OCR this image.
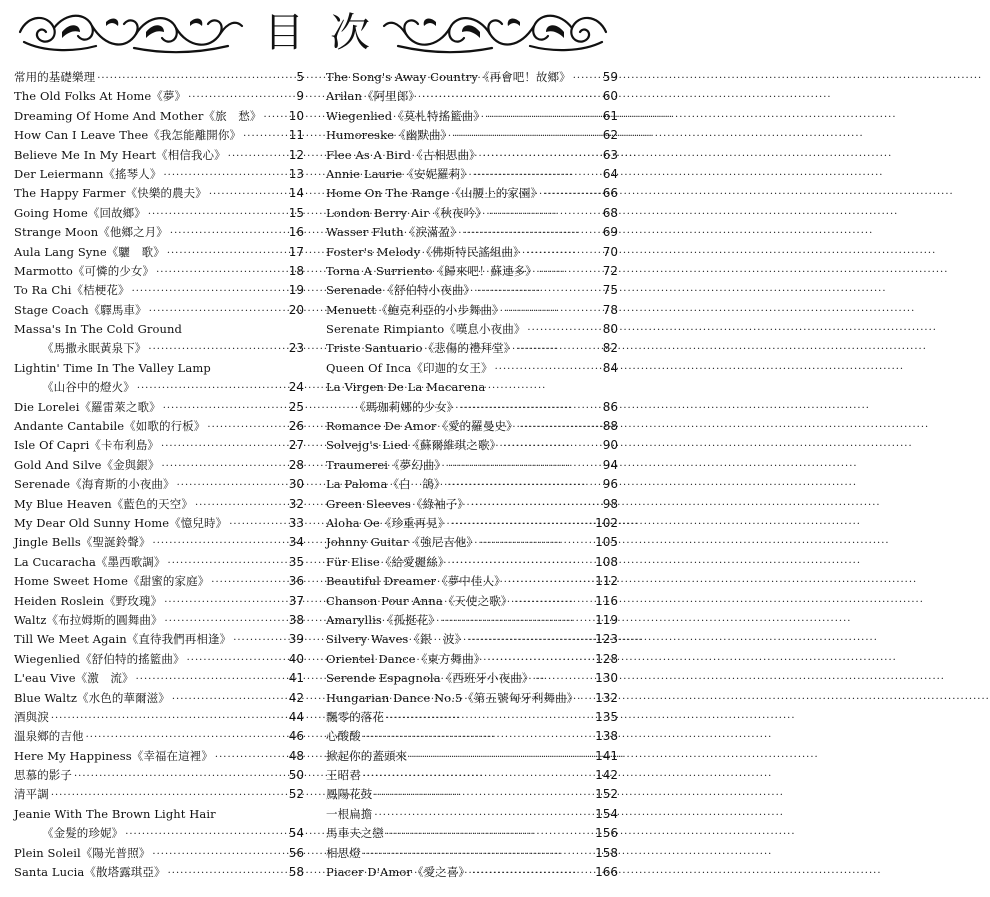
目 次
常用的基礎樂理 ·····	5
The Old Folks At Home《夢》 ·····	9
Dreaming Of Home And Mother《旅　愁》 ····· 10
How Can I Leave Thee《我怎能離開你》 ·····	11
Believe Me In My Heart《相信我心》 ·····	12
Der Leiermann《搖琴人》 ·····	13
The Happy Farmer《快樂的農夫》 ·····	14
Going Home《回故鄉》 ·····	15
Strange Moon《他鄉之月》 ·····	16
Aula Lang Syne《驪　歌》 ·····	17
Marmotto《可憐的少女》 ·····	18
To Ra Chi《桔梗花》 ·····	19
Stage Coach《驛馬車》 ·····	20
Massa's In The Cold Ground
《馬撒永眠黃泉下》 ·····	23
Lightin' Time In The Valley Lamp
《山谷中的燈火》 ·····	24
Die Lorelei《羅雷萊之歌》 ·····	25
Andante Cantabile《如歌的行板》 ·····	26
Isle Of Capri《卡布利島》 ·····	27
Gold And Silve《金與銀》 ·····	28
Serenade《海育斯的小夜曲》 ·····	30
My Blue Heaven《藍色的天空》 ·····	32
My Dear Old Sunny Home《憶兒時》 ·····	33
Jingle Bells《聖誕鈴聲》 ·····	34
La Cucaracha《墨西歌調》 ·····	35
Home Sweet Home《甜蜜的家庭》 ·····	36
Heiden Roslein《野玫瑰》 ·····	37
Waltz《布拉姆斯的圓舞曲》 ·····	38
Till We Meet Again《直待我們再相逢》 ·····	39
Wiegenlied《舒伯特的搖籃曲》 ·····	40
L'eau Vive《激　流》 ·····	41
Blue Waltz《水色的華爾滋》 ·····	42
酒與淚 ·····	44
溫泉鄉的吉他 ·····	46
Here My Happiness《幸福在這裡》 ·····	48
思慕的影子 ·····	50
清平調 ·····	52
Jeanie With The Brown Light Hair
《金髮的珍妮》 ·····	54
Plein Soleil《陽光普照》 ·····	56
Santa Lucia《散塔露琪亞》 ·····	58
The Song's Away Country《再會吧！故鄉》 ·····	59
Arilan《阿里郎》 ·····	60
Wiegenlied《莫札特搖籃曲》 ·····	61
Humoreske《幽默曲》 ·····	62
Flee As A Bird《古相思曲》 ·····	63
Annie Laurie《安妮羅莉》 ·····	64
Home On The Range《山腰上的家園》 ·····	66
London Berry Air《秋夜吟》 ·····	68
Wasser Fluth《淚滿盈》 ·····	69
Foster's Melody《佛斯特民謠組曲》 ·····	70
Torna A Surriento《歸來吧！蘇連多》 ·····	72
Serenade《舒伯特小夜曲》 ·····	75
Menuett《鮑克利亞的小步舞曲》 ·····	78
Serenate Rimpianto《嘆息小夜曲》 ·····	80
Triste Santuario《悲傷的禮拜堂》 ·····	82
Queen Of Inca《印迦的女王》 ·····	84
La Virgen De La Macarena
《瑪珈莉娜的少女》 ·····	86
Romance De Amor《愛的羅曼史》 ·····	88
Solvejg's Lied《蘇爾維琪之歌》 ·····	90
Traumerei《夢幻曲》 ·····	94
La Paloma《白　鴿》 ·····	96
Green Sleeves《綠袖子》 ·····	98
Aloha Oe《珍重再見》 ·····	102
Johnny Guitar《強尼吉他》 ·····	105
Für Elise《給愛麗絲》 ·····	108
Beautiful Dreamer《夢中佳人》 ·····	112
Chanson Pour Anna《天使之歌》 ·····	116
Amaryllis《孤挺花》 ·····	119
Silvery Waves《銀　波》 ·····	123
Orientel Dance《東方舞曲》 ·····	128
Serende Espagnola《西班牙小夜曲》 ·····	130
Hungarian Dance No.5《第五號匈牙利舞曲》 ····· 132
飄零的落花 ·····	135
心酸酸 ·····	138
掀起你的蓋頭來 ·····	141
王昭君 ·····	142
鳳陽花鼓 ·····	152
一根扁擔 ·····	154
馬車夫之戀 ·····	156
相思燈 ·····	158
Piacer D'Amor《愛之喜》 ·····	166
